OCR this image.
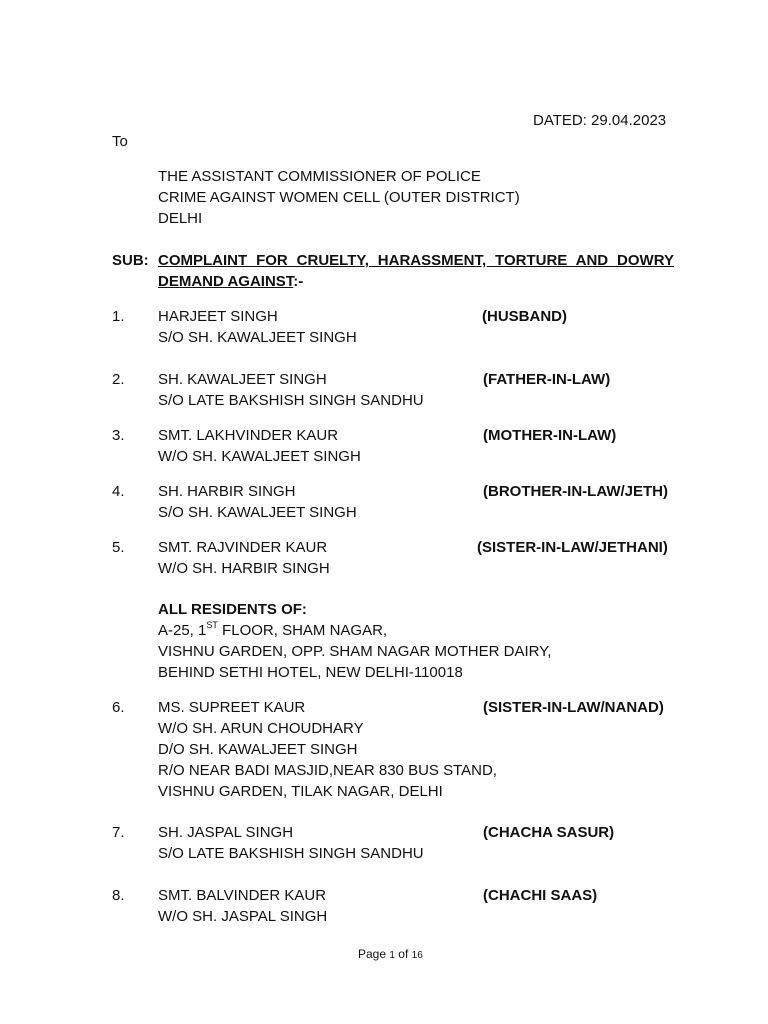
DATED: 29.04.2023
To
THE ASSISTANT COMMISSIONER OF POLICE
CRIME AGAINST WOMEN CELL (OUTER DISTRICT)
DELHI
SUB: COMPLAINT FOR CRUELTY, HARASSMENT, TORTURE AND DOWRY
DEMAND AGAINST:-
1. HARJEET SINGH	(HUSBAND)
S/O SH. KAWALJEET SINGH
2. SH. KAWALJEET SINGH	(FATHER-IN-LAW)
S/O LATE BAKSHISH SINGH SANDHU
3. SMT. LAKHVINDER KAUR	(MOTHER-IN-LAW)
W/O SH. KAWALJEET SINGH
4. SH. HARBIR SINGH	(BROTHER-IN-LAW/JETH)
S/O SH. KAWALJEET SINGH
5. SMT. RAJVINDER KAUR	(SISTER-IN-LAW/JETHANI)
W/O SH. HARBIR SINGH
ALL RESIDENTS OF:
A-25, 1ST FLOOR, SHAM NAGAR,
VISHNU GARDEN, OPP. SHAM NAGAR MOTHER DAIRY,
BEHIND SETHI HOTEL, NEW DELHI-110018
6. MS. SUPREET KAUR	(SISTER-IN-LAW/NANAD)
W/O SH. ARUN CHOUDHARY
D/O SH. KAWALJEET SINGH
R/O NEAR BADI MASJID,NEAR 830 BUS STAND,
VISHNU GARDEN, TILAK NAGAR, DELHI
7. SH. JASPAL SINGH	(CHACHA SASUR)
S/O LATE BAKSHISH SINGH SANDHU
8. SMT. BALVINDER KAUR	(CHACHI SAAS)
W/O SH. JASPAL SINGH
Page 1 of 16
